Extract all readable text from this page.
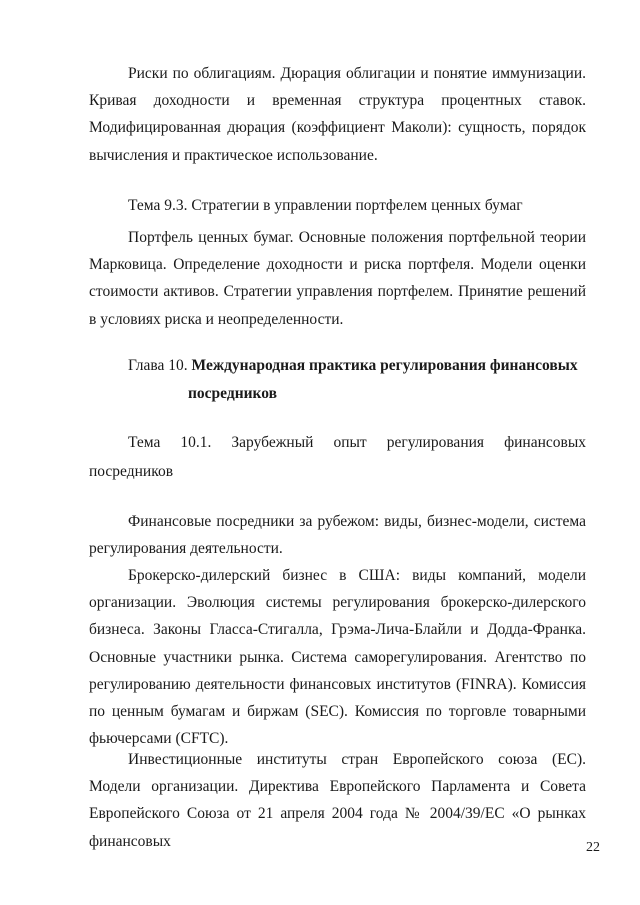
Риски по облигациям. Дюрация облигации и понятие иммунизации. Кривая доходности и временная структура процентных ставок. Модифицированная дюрация (коэффициент Маколи): сущность, порядок вычисления и практическое использование.

Тема 9.3. Стратегии в управлении портфелем ценных бумаг

Портфель ценных бумаг. Основные положения портфельной теории Марковица. Определение доходности и риска портфеля. Модели оценки стоимости активов. Стратегии управления портфелем. Принятие решений в условиях риска и неопределенности.

Глава 10. Международная практика регулирования финансовых
посредников

Тема 10.1. Зарубежный опыт регулирования финансовых посредников

Финансовые посредники за рубежом: виды, бизнес-модели, система регулирования деятельности.

Брокерско-дилерский бизнес в США: виды компаний, модели организации. Эволюция системы регулирования брокерско-дилерского бизнеса. Законы Гласса-Стигалла, Грэма-Лича-Блайли и Додда-Франка. Основные участники рынка. Система саморегулирования. Агентство по регулированию деятельности финансовых институтов (FINRA). Комиссия по ценным бумагам и биржам (SEC). Комиссия по торговле товарными фьючерсами (CFTC).

Инвестиционные институты стран Европейского союза (ЕС). Модели организации. Директива Европейского Парламента и Совета Европейского Союза от 21 апреля 2004 года № 2004/39/ЕС «О рынках финансовых	22
